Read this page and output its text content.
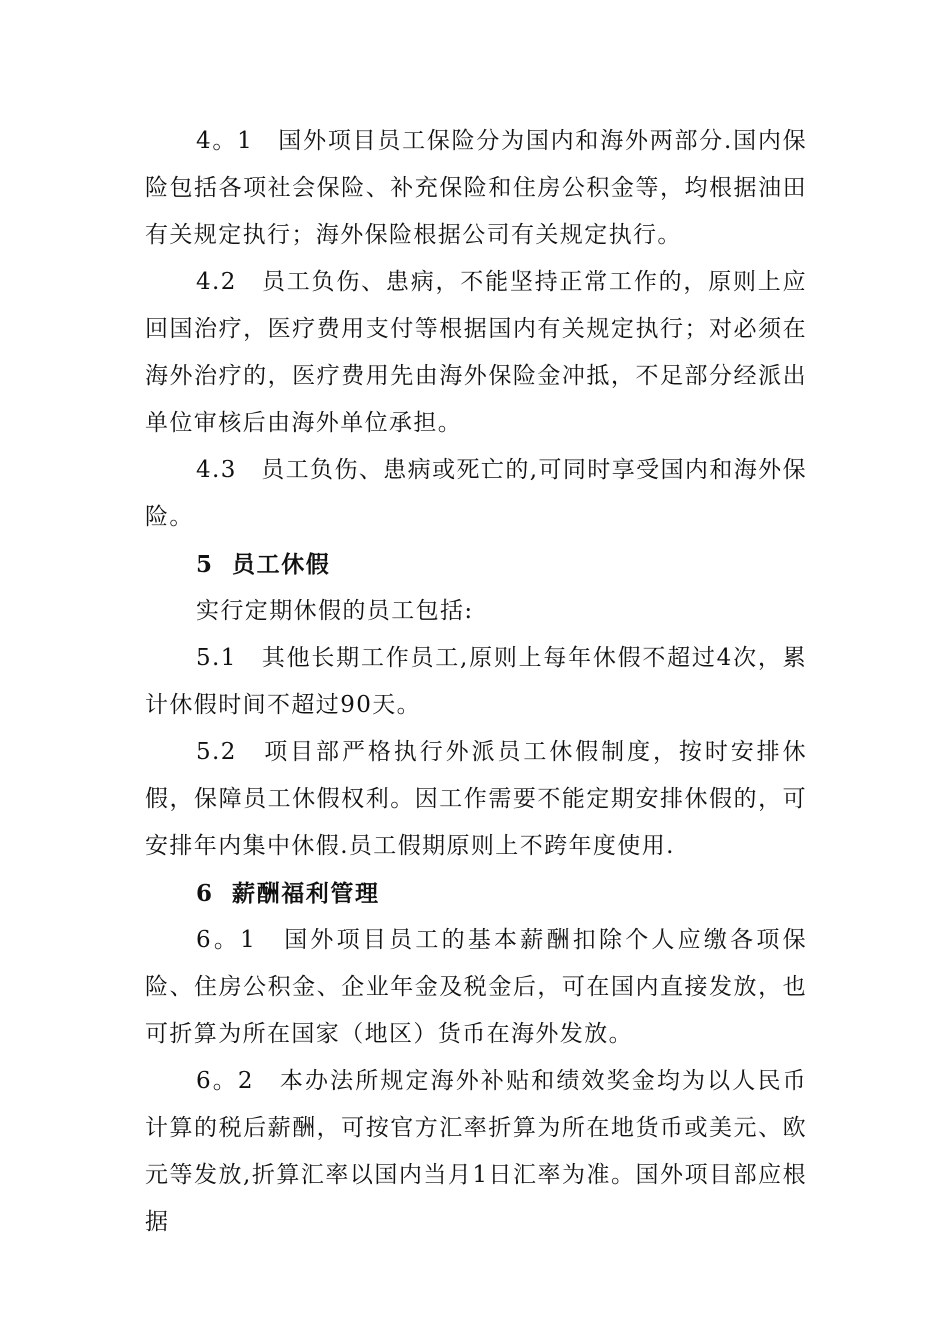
4。1　国外项目员工保险分为国内和海外两部分.国内保险包括各项社会保险、补充保险和住房公积金等，均根据油田有关规定执行；海外保险根据公司有关规定执行。

4.2　员工负伤、患病，不能坚持正常工作的，原则上应回国治疗，医疗费用支付等根据国内有关规定执行；对必须在海外治疗的，医疗费用先由海外保险金冲抵，不足部分经派出单位审核后由海外单位承担。

4.3　员工负伤、患病或死亡的,可同时享受国内和海外保险。

5 员工休假

实行定期休假的员工包括:

5.1　其他长期工作员工,原则上每年休假不超过4次，累计休假时间不超过90天。

5.2　项目部严格执行外派员工休假制度，按时安排休假，保障员工休假权利。因工作需要不能定期安排休假的，可安排年内集中休假.员工假期原则上不跨年度使用.

6 薪酬福利管理

6。1　国外项目员工的基本薪酬扣除个人应缴各项保险、住房公积金、企业年金及税金后，可在国内直接发放，也可折算为所在国家（地区）货币在海外发放。

6。2　本办法所规定海外补贴和绩效奖金均为以人民币计算的税后薪酬，可按官方汇率折算为所在地货币或美元、欧元等发放,折算汇率以国内当月1日汇率为准。国外项目部应根据
